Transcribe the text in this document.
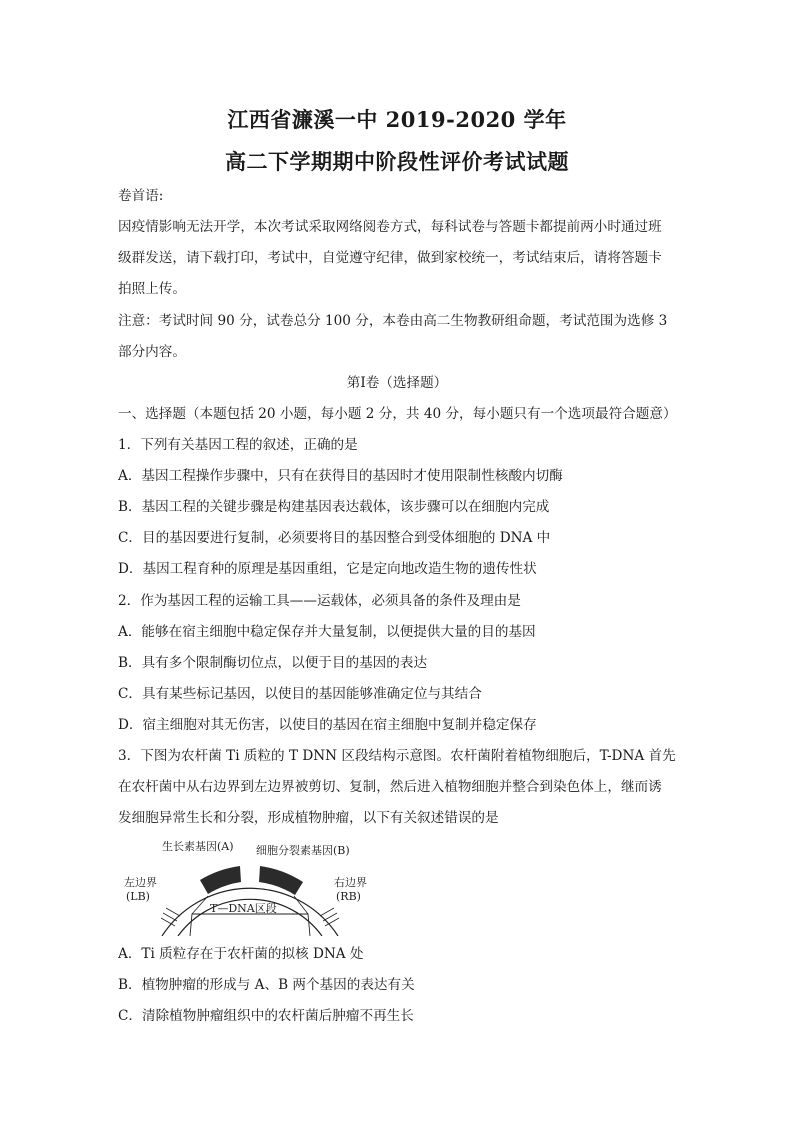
江西省濂溪一中 2019-2020 学年
高二下学期期中阶段性评价考试试题
卷首语:
因疫情影响无法开学，本次考试采取网络阅卷方式，每科试卷与答题卡都提前两小时通过班
级群发送，请下载打印，考试中，自觉遵守纪律，做到家校统一，考试结束后，请将答题卡
拍照上传。
注意：考试时间 90 分，试卷总分 100 分，本卷由高二生物教研组命题，考试范围为选修 3
部分内容。
第Ⅰ卷（选择题）
一、选择题（本题包括 20 小题，每小题 2 分，共 40 分，每小题只有一个选项最符合题意）
1．下列有关基因工程的叙述，正确的是
A．基因工程操作步骤中，只有在获得目的基因时才使用限制性核酸内切酶
B．基因工程的关键步骤是构建基因表达载体，该步骤可以在细胞内完成
C．目的基因要进行复制，必须要将目的基因整合到受体细胞的 DNA 中
D．基因工程育种的原理是基因重组，它是定向地改造生物的遗传性状
2．作为基因工程的运输工具——运载体，必须具备的条件及理由是
A．能够在宿主细胞中稳定保存并大量复制，以便提供大量的目的基因
B．具有多个限制酶切位点，以便于目的基因的表达
C．具有某些标记基因，以使目的基因能够准确定位与其结合
D．宿主细胞对其无伤害，以使目的基因在宿主细胞中复制并稳定保存
3．下图为农杆菌 Ti 质粒的 T DNN 区段结构示意图。农杆菌附着植物细胞后，T-DNA 首先
在农杆菌中从右边界到左边界被剪切、复制，然后进入植物细胞并整合到染色体上，继而诱
发细胞异常生长和分裂，形成植物肿瘤，以下有关叙述错误的是
生长素基因(A) 细胞分裂素基因(B)
左边界
(LB)
右边界
(RB)
T—DNA区段
A．Ti 质粒存在于农杆菌的拟核 DNA 处
B．植物肿瘤的形成与 A、B 两个基因的表达有关
C．清除植物肿瘤组织中的农杆菌后肿瘤不再生长
